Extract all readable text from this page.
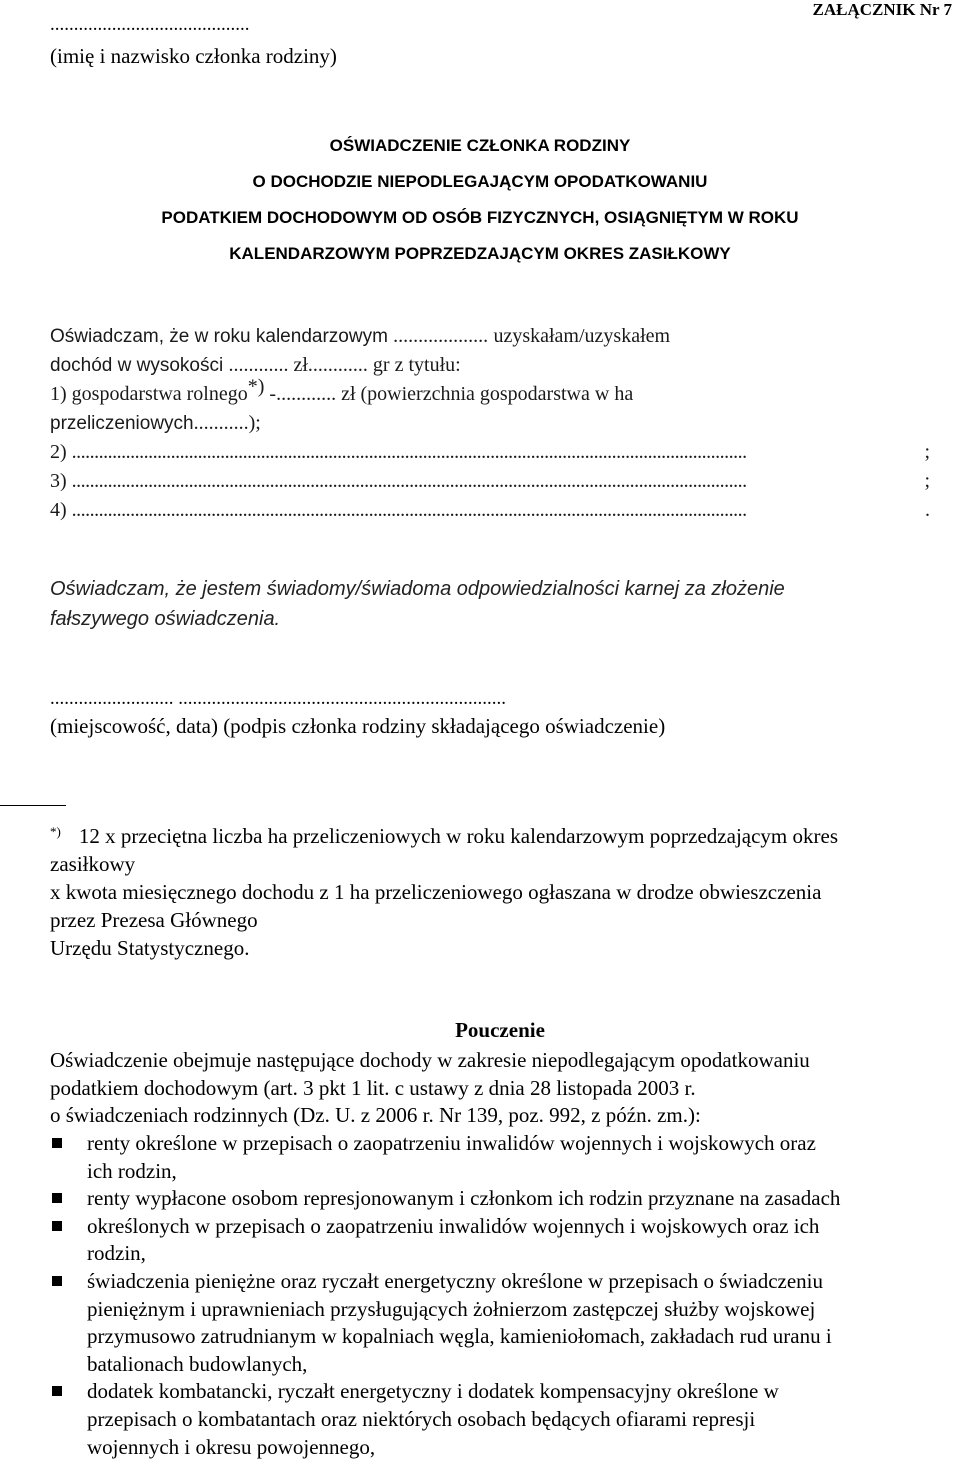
ZAŁĄCZNIK Nr 7
..........................................
(imię i nazwisko członka rodziny)
OŚWIADCZENIE CZŁONKA RODZINY
O DOCHODZIE NIEPODLEGAJĄCYM OPODATKOWANIU
PODATKIEM DOCHODOWYM OD OSÓB FIZYCZNYCH, OSIĄGNIĘTYM W ROKU
KALENDARZOWYM POPRZEDZAJĄCYM OKRES ZASIŁKOWY
Oświadczam, że w roku kalendarzowym ................... uzyskałam/uzyskałem
dochód w wysokości ............ zł............ gr z tytułu:
1) gospodarstwa rolnego*) -............ zł (powierzchnia gospodarstwa w ha
przeliczeniowych...........);
2) ......................................................................................................................................................	;
3) ......................................................................................................................................................	;
4) ......................................................................................................................................................	.
Oświadczam, że jestem świadomy/świadoma odpowiedzialności karnej za złożenie
fałszywego oświadczenia.
.......................... .....................................................................
(miejscowość, data) (podpis członka rodziny składającego oświadczenie)
*) 12 x przeciętna liczba ha przeliczeniowych w roku kalendarzowym poprzedzającym okres
zasiłkowy
x kwota miesięcznego dochodu z 1 ha przeliczeniowego ogłaszana w drodze obwieszczenia
przez Prezesa Głównego
Urzędu Statystycznego.
Pouczenie
Oświadczenie obejmuje następujące dochody w zakresie niepodlegającym opodatkowaniu
podatkiem dochodowym (art. 3 pkt 1 lit. c ustawy z dnia 28 listopada 2003 r.
o świadczeniach rodzinnych (Dz. U. z 2006 r. Nr 139, poz. 992, z późn. zm.):
renty określone w przepisach o zaopatrzeniu inwalidów wojennych i wojskowych oraz
ich rodzin,
renty wypłacone osobom represjonowanym i członkom ich rodzin przyznane na zasadach
określonych w przepisach o zaopatrzeniu inwalidów wojennych i wojskowych oraz ich
rodzin,
świadczenia pieniężne oraz ryczałt energetyczny określone w przepisach o świadczeniu
pieniężnym i uprawnieniach przysługujących żołnierzom zastępczej służby wojskowej
przymusowo zatrudnianym w kopalniach węgla, kamieniołomach, zakładach rud uranu i
batalionach budowlanych,
dodatek kombatancki, ryczałt energetyczny i dodatek kompensacyjny określone w
przepisach o kombatantach oraz niektórych osobach będących ofiarami represji
wojennych i okresu powojennego,
